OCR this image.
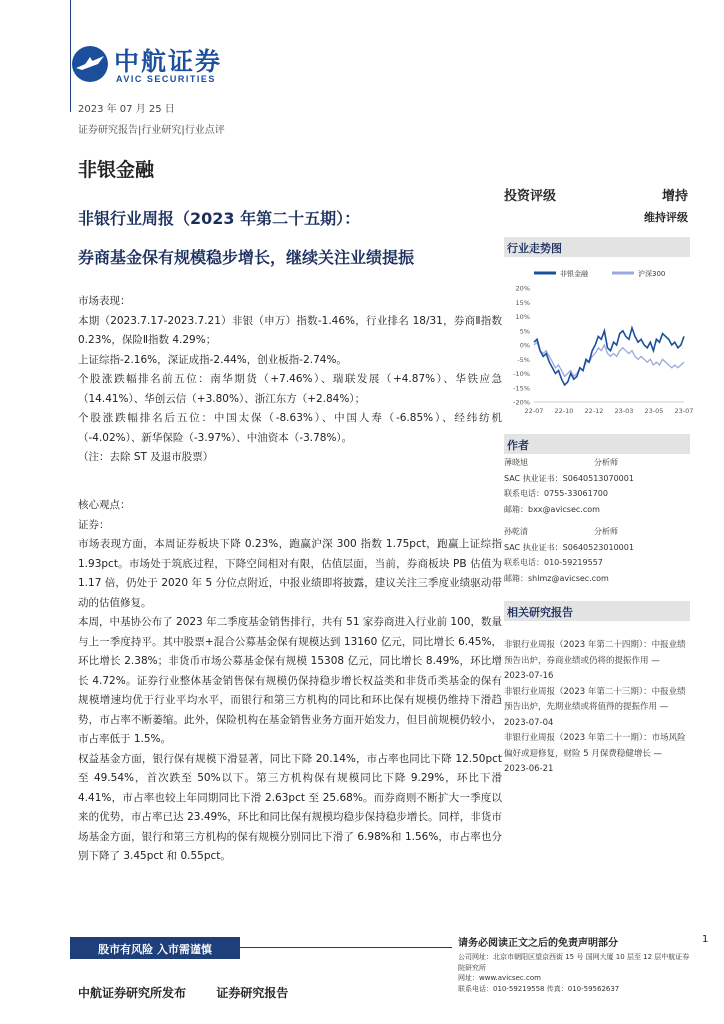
中航证券
AVIC SECURITIES
2023 年 07 月 25 日
证券研究报告|行业研究|行业点评
非银金融
非银行业周报（2023 年第二十五期）：
券商基金保有规模稳步增长，继续关注业绩提振
投资评级	增持
维持评级
行业走势图
非银金融	沪深300
20%
15%
10%
5%
0%
-5%
-10%
-15%
-20%
22-07 22-10 22-12 23-03 23-05 23-07
作者
薄晓旭	分析师
SAC 执业证书：S0640513070001
联系电话：0755-33061700
邮箱：bxx@avicsec.com
孙乾清	分析师
SAC 执业证书：S0640523010001
联系电话：010-59219557
邮箱：shlmz@avicsec.com
相关研究报告
非银行业周报（2023 年第二十四期）：中报业绩预告出炉，券商业绩或仍将的提振作用 —
2023-07-16
非银行业周报（2023 年第二十三期）：中报业绩预告出炉，先期业绩或将值得的提振作用 —
2023-07-04
非银行业周报（2023 年第二十一期）：市场风险偏好或迎修复，财险 5 月保费稳健增长 —
2023-06-21

市场表现：

本期（2023.7.17-2023.7.21）非银（申万）指数-1.46%，行业排名 18/31，券商Ⅱ指数 0.23%，保险Ⅱ指数 4.29%；

上证综指-2.16%，深证成指-2.44%，创业板指-2.74%。

个股涨跌幅排名前五位：南华期货（+7.46%）、瑞联发展（+4.87%）、华铁应急（14.41%）、华创云信（+3.80%）、浙江东方（+2.84%）；

个股涨跌幅排名后五位：中国太保（-8.63%）、中国人寿（-6.85%）、经纬纺机（-4.02%）、新华保险（-3.97%）、中油资本（-3.78%）。

（注：去除 ST 及退市股票）

核心观点：

证券：

市场表现方面，本周证券板块下降 0.23%，跑赢沪深 300 指数 1.75pct，跑赢上证综指 1.93pct。市场处于筑底过程，下降空间相对有限，估值层面，当前，券商板块 PB 估值为 1.17 倍，仍处于 2020 年 5 分位点附近，中报业绩即将披露，建议关注三季度业绩驱动带动的估值修复。

本周，中基协公布了 2023 年二季度基金销售排行，共有 51 家券商进入行业前 100，数量与上一季度持平。其中股票+混合公募基金保有规模达到 13160 亿元，同比增长 6.45%，环比增长 2.38%；非货币市场公募基金保有规模 15308 亿元，同比增长 8.49%，环比增长 4.72%。证券行业整体基金销售保有规模仍保持稳步增长权益类和非货币类基金的保有规模增速均优于行业平均水平，而银行和第三方机构的同比和环比保有规模仍维持下滑趋势，市占率不断萎缩。此外，保险机构在基金销售业务方面开始发力，但目前规模仍较小，市占率低于 1.5%。

权益基金方面，银行保有规模下滑显著，同比下降 20.14%，市占率也同比下降 12.50pct 至 49.54%，首次跌至 50%以下。第三方机构保有规模同比下降 9.29%，环比下滑 4.41%，市占率也较上年同期同比下滑 2.63pct 至 25.68%。而券商则不断扩大一季度以来的优势，市占率已达 23.49%，环比和同比保有规模均稳步保持稳步增长。同样，非货市场基金方面，银行和第三方机构的保有规模分别同比下滑了 6.98%和 1.56%，市占率也分别下降了 3.45pct 和 0.55pct。

股市有风险 入市需谨慎	请务必阅读正文之后的免责声明部分	1
公司网址：北京市朝阳区望京西街 15 号 国网大厦 10 层至 12 层中航证券
院研究所
网址：www.avicsec.com
联系电话：010-59219558 传真：010-59562637
中航证券研究所发布	证券研究报告
